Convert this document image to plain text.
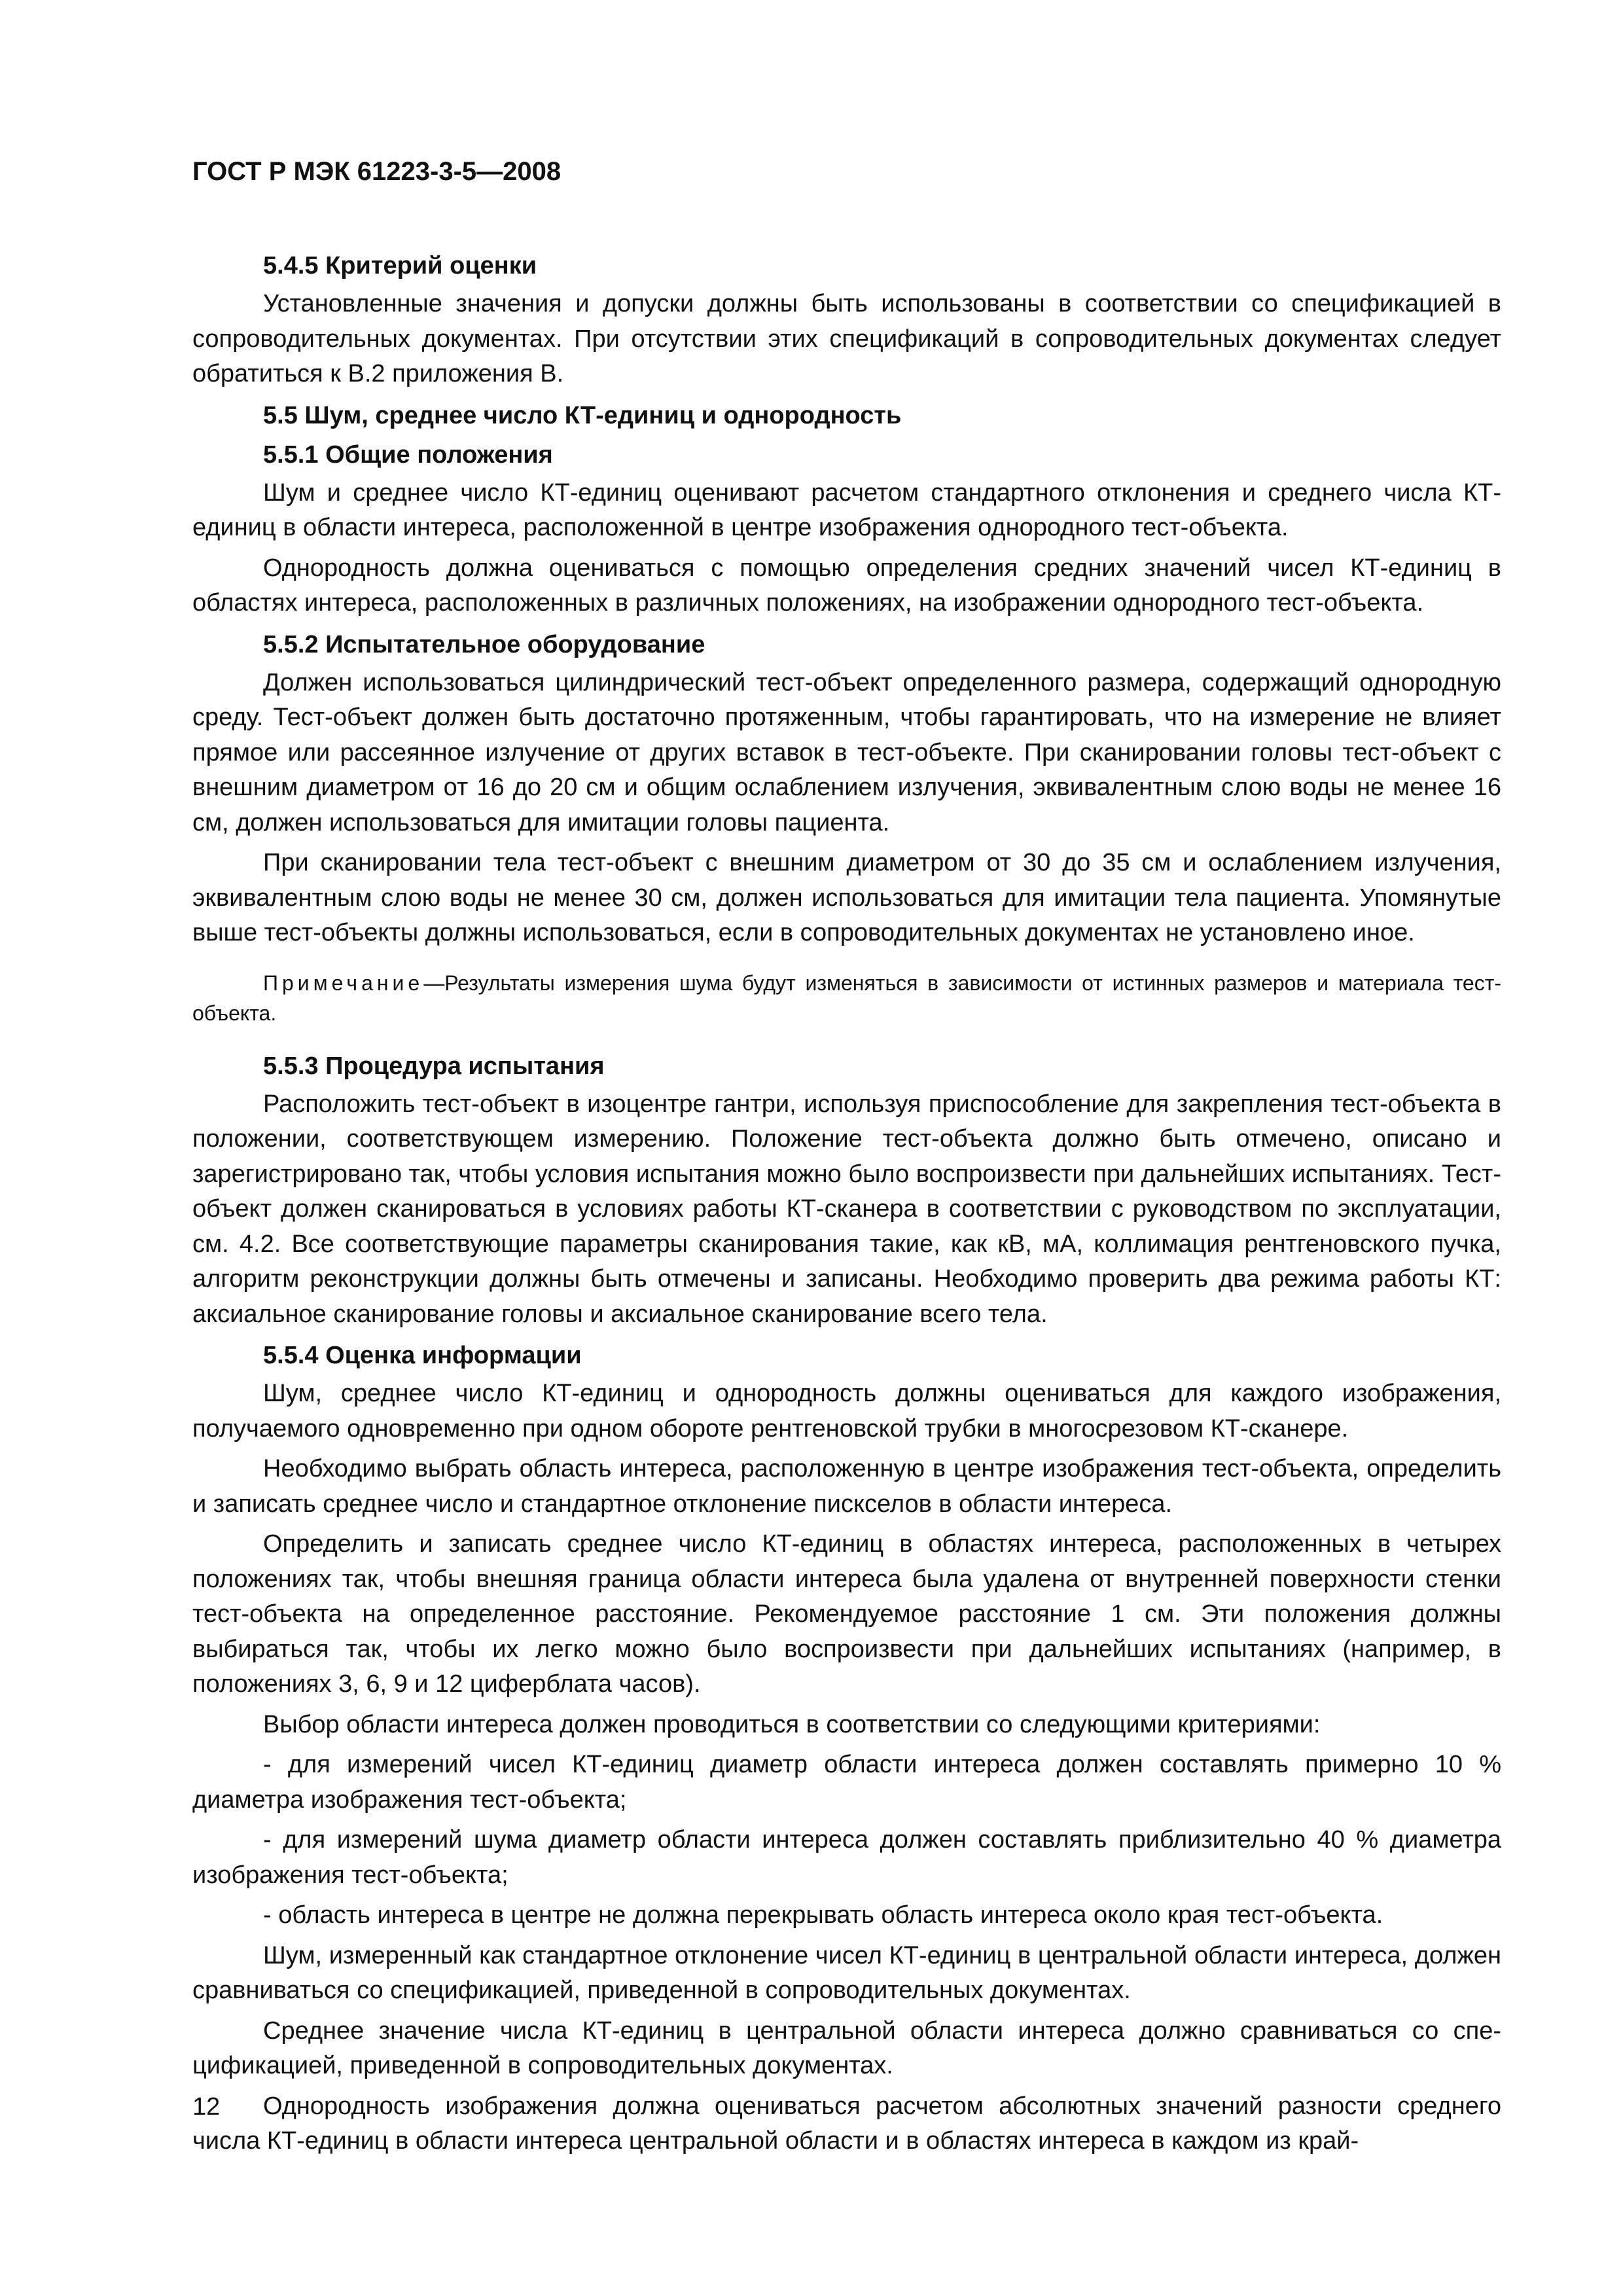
ГОСТ Р МЭК 61223-3-5—2008
5.4.5 Критерий оценки

Установленные значения и допуски должны быть использованы в соответствии со спецификацией в сопроводительных документах. При отсутствии этих спецификаций в сопроводительных документах следует обратиться к В.2 приложения В.

5.5 Шум, среднее число КТ-единиц и однородность
5.5.1 Общие положения

Шум и среднее число КТ-единиц оценивают расчетом стандартного отклонения и среднего числа КТ-единиц в области интереса, расположенной в центре изображения однородного тест-объекта.

Однородность должна оцениваться с помощью определения средних значений чисел КТ-единиц в областях интереса, расположенных в различных положениях, на изображении однородного тест-объекта.

5.5.2 Испытательное оборудование

Должен использоваться цилиндрический тест-объект определенного размера, содержащий однородную среду. Тест-объект должен быть достаточно протяженным, чтобы гарантировать, что на измерение не влияет прямое или рассеянное излучение от других вставок в тест-объекте. При сканировании головы тест-объект с внешним диаметром от 16 до 20 см и общим ослаблением излучения, эквивалентным слою воды не менее 16 см, должен использоваться для имитации головы пациента.

При сканировании тела тест-объект с внешним диаметром от 30 до 35 см и ослаблением излучения, эквивалентным слою воды не менее 30 см, должен использоваться для имитации тела пациента. Упомянутые выше тест-объекты должны использоваться, если в сопроводительных документах не установлено иное.

Примечание—Результаты измерения шума будут изменяться в зависимости от истинных размеров и материала тест-объекта.

5.5.3 Процедура испытания

Расположить тест-объект в изоцентре гантри, используя приспособление для закрепления тест-объекта в положении, соответствующем измерению. Положение тест-объекта должно быть отмечено, описано и зарегистрировано так, чтобы условия испытания можно было воспроизвести при дальнейших испытаниях. Тест-объект должен сканироваться в условиях работы КТ-сканера в соответствии с руководством по эксплуатации, см. 4.2. Все соответствующие параметры сканирования такие, как кВ, мА, коллимация рентгеновского пучка, алгоритм реконструкции должны быть отмечены и записаны. Необходимо проверить два режима работы КТ: аксиальное сканирование головы и аксиальное сканирование всего тела.

5.5.4 Оценка информации

Шум, среднее число КТ-единиц и однородность должны оцениваться для каждого изображения, получаемого одновременно при одном обороте рентгеновской трубки в многосрезовом КТ-сканере.

Необходимо выбрать область интереса, расположенную в центре изображения тест-объекта, определить и записать среднее число и стандартное отклонение пискселов в области интереса.

Определить и записать среднее число КТ-единиц в областях интереса, расположенных в четырех положениях так, чтобы внешняя граница области интереса была удалена от внутренней поверхности стенки тест-объекта на определенное расстояние. Рекомендуемое расстояние 1 см. Эти положения должны выбираться так, чтобы их легко можно было воспроизвести при дальнейших испытаниях (например, в положениях 3, 6, 9 и 12 циферблата часов).

Выбор области интереса должен проводиться в соответствии со следующими критериями:

- для измерений чисел КТ-единиц диаметр области интереса должен составлять примерно 10 % диаметра изображения тест-объекта;

- для измерений шума диаметр области интереса должен составлять приблизительно 40 % диаметра изображения тест-объекта;

- область интереса в центре не должна перекрывать область интереса около края тест-объекта.

Шум, измеренный как стандартное отклонение чисел КТ-единиц в центральной области интереса, должен сравниваться со спецификацией, приведенной в сопроводительных документах.

Среднее значение числа КТ-единиц в центральной области интереса должно сравниваться со спецификацией, приведенной в сопроводительных документах.

Однородность изображения должна оцениваться расчетом абсолютных значений разности среднего числа КТ-единиц в области интереса центральной области и в областях интереса в каждом из край-

12
